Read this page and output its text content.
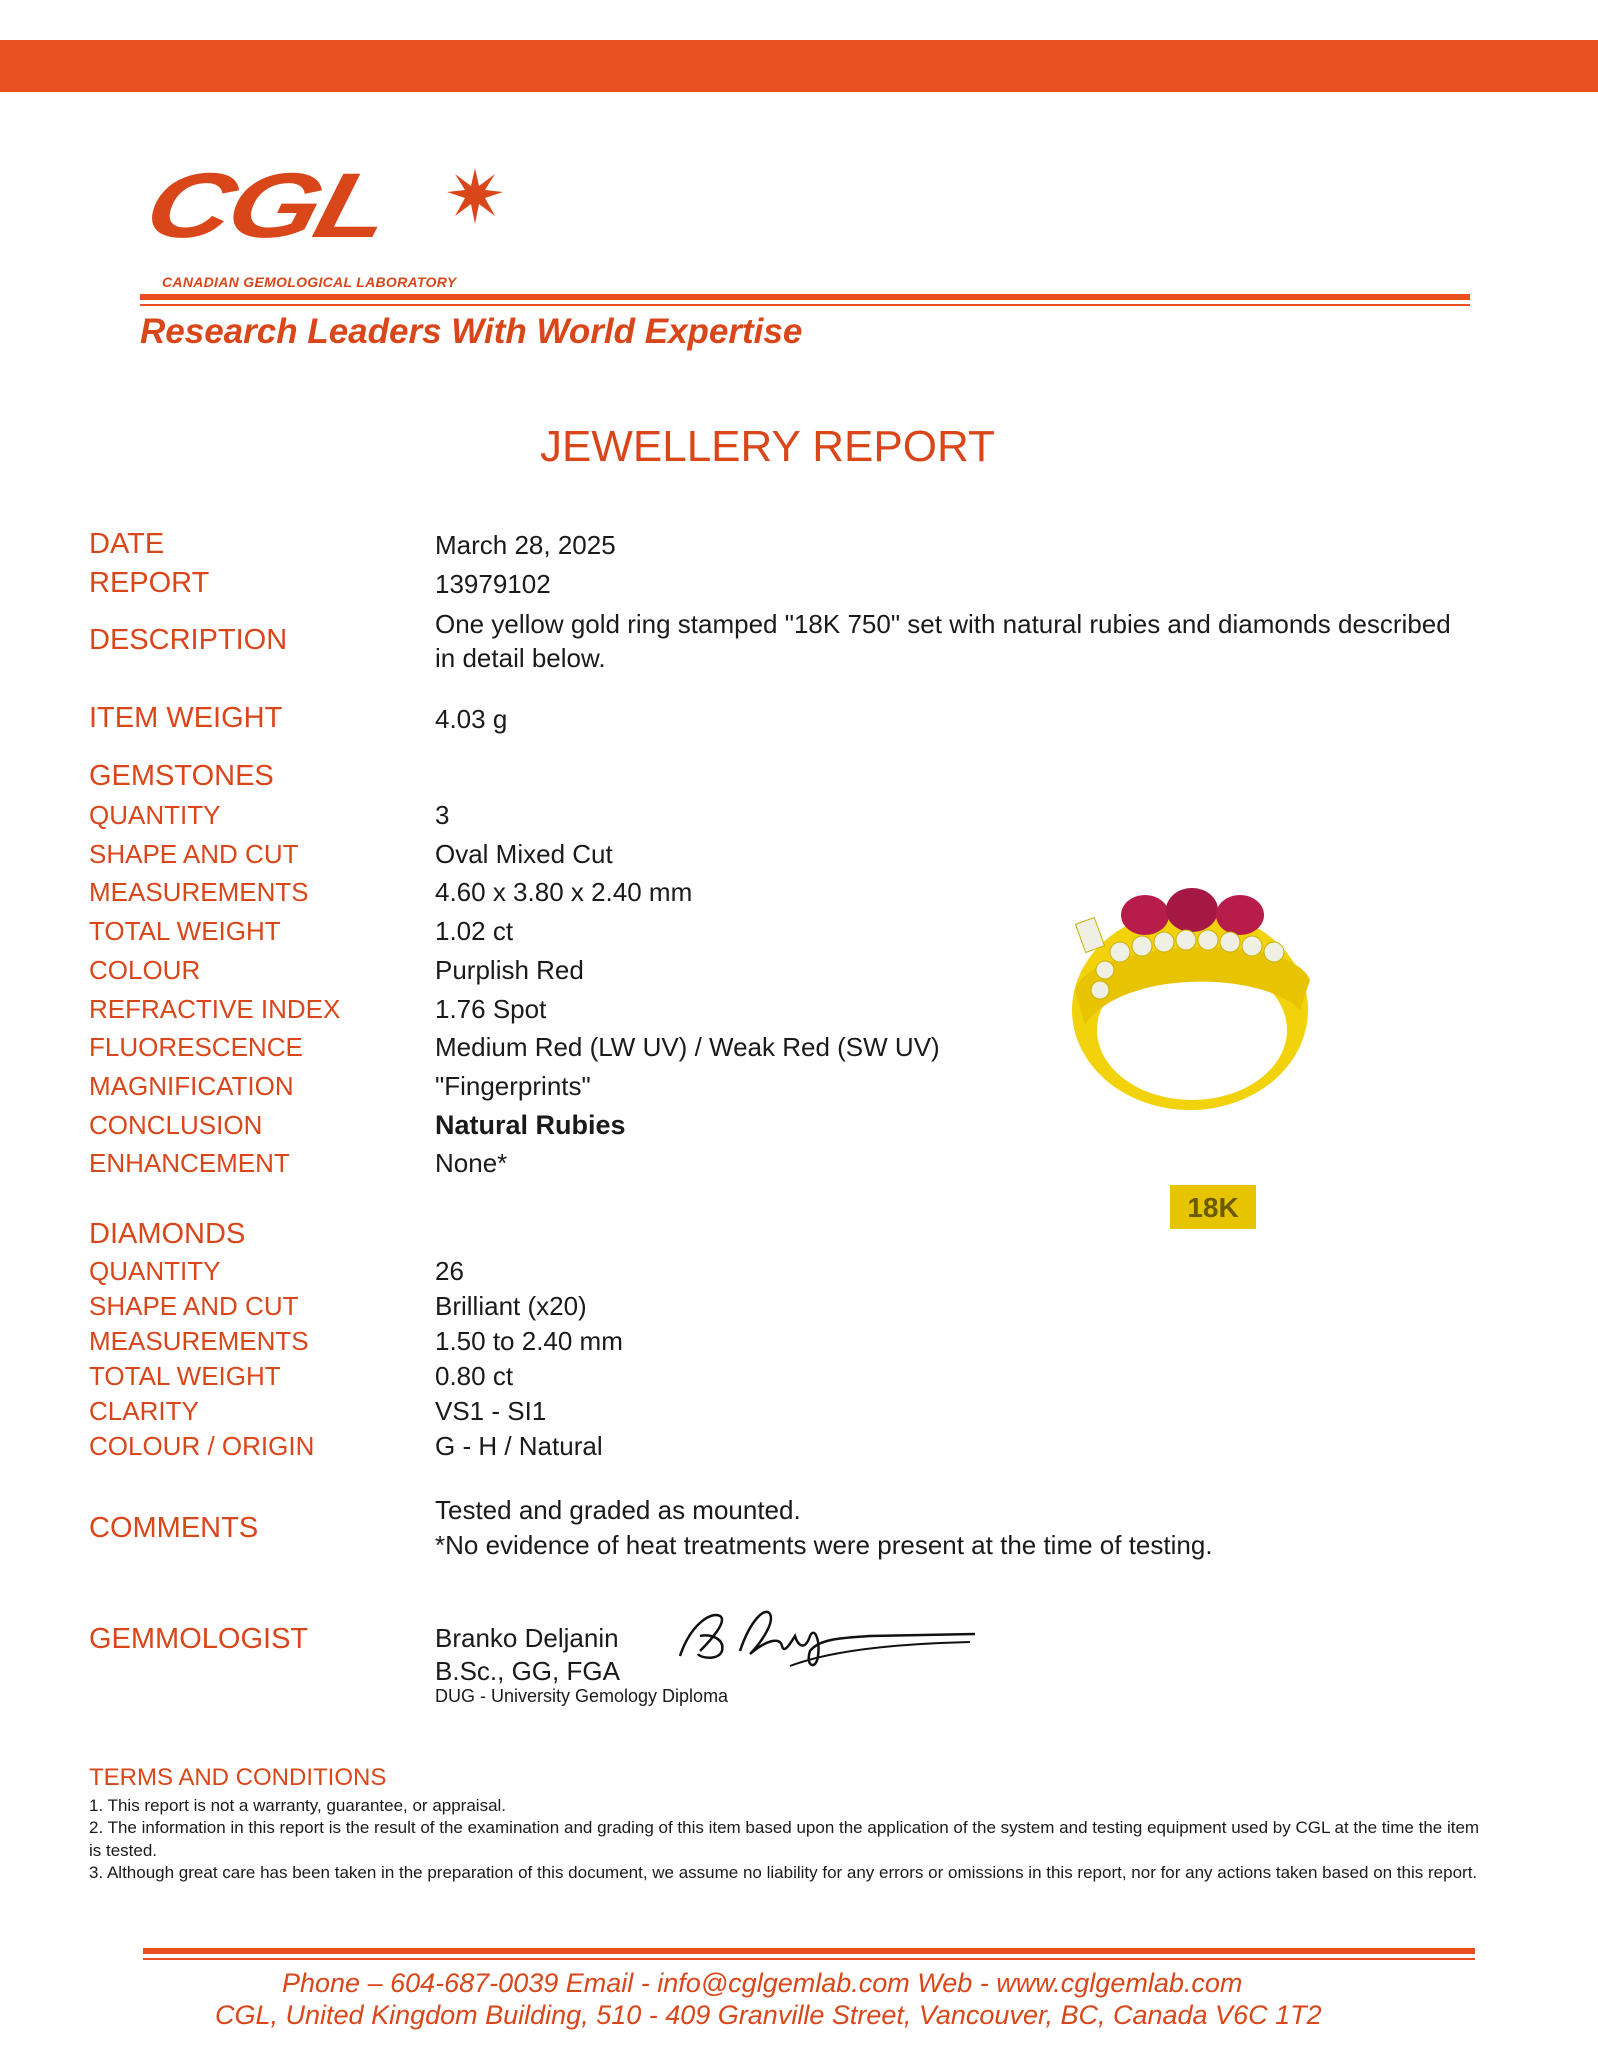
CGL
CANADIAN GEMOLOGICAL LABORATORY
Research Leaders With World Expertise
JEWELLERY REPORT
DATE	March 28, 2025
REPORT	13979102
DESCRIPTION	One yellow gold ring stamped "18K 750" set with natural rubies and diamonds described in detail below.
ITEM WEIGHT	4.03 g
GEMSTONES
QUANTITY	3
SHAPE AND CUT	Oval Mixed Cut
MEASUREMENTS	4.60 x 3.80 x 2.40 mm
TOTAL WEIGHT	1.02 ct
COLOUR	Purplish Red
REFRACTIVE INDEX	1.76 Spot
FLUORESCENCE	Medium Red (LW UV) / Weak Red (SW UV)
MAGNIFICATION	"Fingerprints"
CONCLUSION	Natural Rubies
ENHANCEMENT	None*
DIAMONDS
QUANTITY	26
SHAPE AND CUT	Brilliant (x20)
MEASUREMENTS	1.50 to 2.40 mm
TOTAL WEIGHT	0.80 ct
CLARITY	VS1 - SI1
COLOUR / ORIGIN	G - H / Natural
COMMENTS
Tested and graded as mounted.
*No evidence of heat treatments were present at the time of testing.
GEMMOLOGIST	Branko Deljanin
B.Sc., GG, FGA
DUG - University Gemology Diploma
18K
TERMS AND CONDITIONS
1. This report is not a warranty, guarantee, or appraisal.
2. The information in this report is the result of the examination and grading of this item based upon the application of the system and testing equipment used by CGL at the time the item is tested.
3. Although great care has been taken in the preparation of this document, we assume no liability for any errors or omissions in this report, nor for any actions taken based on this report.
Phone – 604-687-0039 Email - info@cglgemlab.com Web - www.cglgemlab.com
CGL, United Kingdom Building, 510 - 409 Granville Street, Vancouver, BC, Canada V6C 1T2
